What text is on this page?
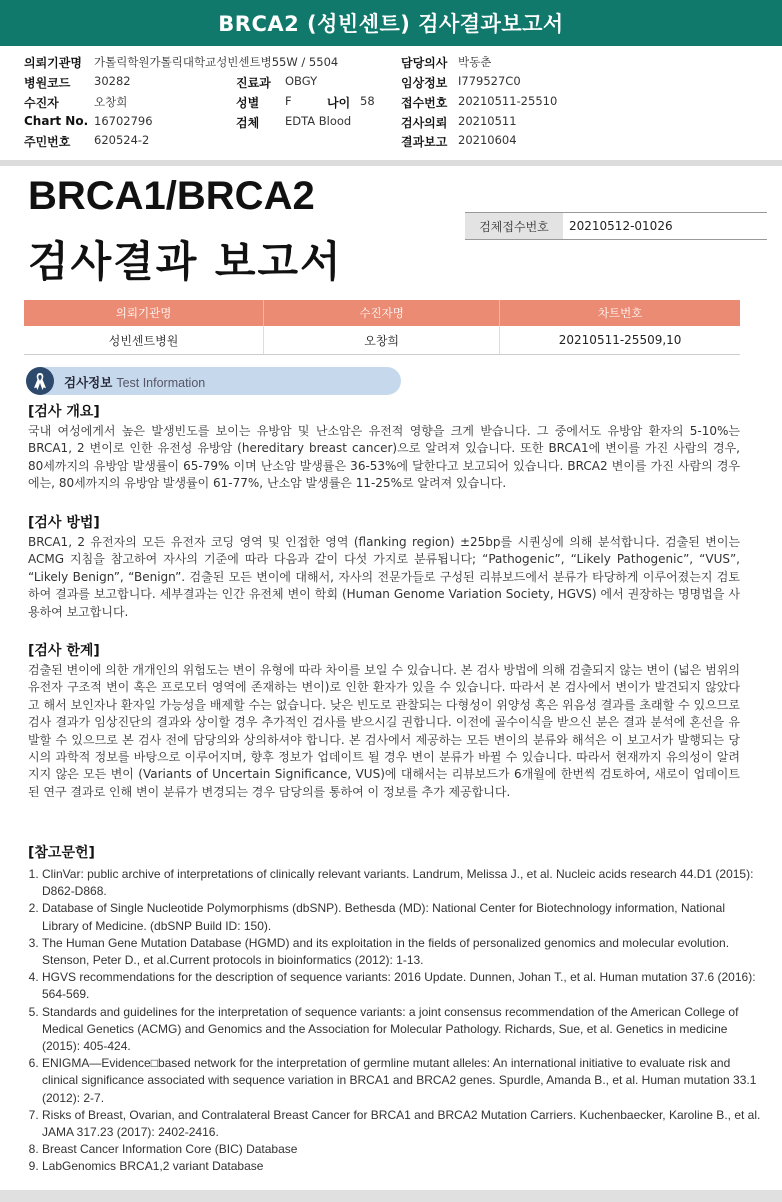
BRCA2 (성빈센트) 검사결과보고서
의뢰기관명 가톨릭학원가톨릭대학교성빈센트병55W / 5504	담당의사 박동춘
병원코드 30282	진료과 OBGY	임상정보 I779527C0
수진자	오창희	성별 F	나이 58 접수번호 20210511-25510
Chart No. 16702796	검체 EDTA Blood	검사의뢰 20210511
주민번호 620524-2	결과보고 20210604
BRCA1/BRCA2
검사결과 보고서
검체접수번호	20210512-01026
의뢰기관명	수진자명	차트번호
성빈센트병원	오창희	20210511-25509,10
검사정보 Test Information
[검사 개요]

국내 여성에게서 높은 발생빈도를 보이는 유방암 및 난소암은 유전적 영향을 크게 받습니다. 그 중에서도 유방암 환자의 5-10%는 BRCA1, 2 변이로 인한 유전성 유방암 (hereditary breast cancer)으로 알려져 있습니다. 또한 BRCA1에 변이를 가진 사람의 경우, 80세까지의 유방암 발생률이 65-79% 이며 난소암 발생률은 36-53%에 달한다고 보고되어 있습니다. BRCA2 변이를 가진 사람의 경우에는, 80세까지의 유방암 발생률이 61-77%, 난소암 발생률은 11-25%로 알려져 있습니다.

[검사 방법]

BRCA1, 2 유전자의 모든 유전자 코딩 영역 및 인접한 영역 (flanking region) ±25bp를 시퀀싱에 의해 분석합니다. 검출된 변이는 ACMG 지침을 참고하여 자사의 기준에 따라 다음과 같이 다섯 가지로 분류됩니다; “Pathogenic”, “Likely Pathogenic”, “VUS”, “Likely Benign”, “Benign”. 검출된 모든 변이에 대해서, 자사의 전문가들로 구성된 리뷰보드에서 분류가 타당하게 이루어졌는지 검토하여 결과를 보고합니다. 세부결과는 인간 유전체 변이 학회 (Human Genome Variation Society, HGVS) 에서 권장하는 명명법을 사용하여 보고합니다.

[검사 한계]

검출된 변이에 의한 개개인의 위험도는 변이 유형에 따라 차이를 보일 수 있습니다. 본 검사 방법에 의해 검출되지 않는 변이 (넓은 범위의 유전자 구조적 변이 혹은 프로모터 영역에 존재하는 변이)로 인한 환자가 있을 수 있습니다. 따라서 본 검사에서 변이가 발견되지 않았다고 해서 보인자나 환자일 가능성을 배제할 수는 없습니다. 낮은 빈도로 관찰되는 다형성이 위양성 혹은 위음성 결과를 초래할 수 있으므로 검사 결과가 임상진단의 결과와 상이할 경우 추가적인 검사를 받으시길 권합니다. 이전에 골수이식을 받으신 분은 결과 분석에 혼선을 유발할 수 있으므로 본 검사 전에 담당의와 상의하셔야 합니다. 본 검사에서 제공하는 모든 변이의 분류와 해석은 이 보고서가 발행되는 당시의 과학적 정보를 바탕으로 이루어지며, 향후 정보가 업데이트 될 경우 변이 분류가 바뀔 수 있습니다. 따라서 현재까지 유의성이 알려지지 않은 모든 변이 (Variants of Uncertain Significance, VUS)에 대해서는 리뷰보드가 6개월에 한번씩 검토하여, 새로이 업데이트된 연구 결과로 인해 변이 분류가 변경되는 경우 담당의를 통하여 이 정보를 추가 제공합니다.

[참고문헌]
1. ClinVar: public archive of interpretations of clinically relevant variants. Landrum, Melissa J., et al. Nucleic acids research 44.D1 (2015): D862-D868.
2. Database of Single Nucleotide Polymorphisms (dbSNP). Bethesda (MD): National Center for Biotechnology information, National Library of Medicine. (dbSNP Build ID: 150).
3. The Human Gene Mutation Database (HGMD) and its exploitation in the fields of personalized genomics and molecular evolution. Stenson, Peter D., et al.Current protocols in bioinformatics (2012): 1-13.
4. HGVS recommendations for the description of sequence variants: 2016 Update. Dunnen, Johan T., et al. Human mutation 37.6 (2016): 564-569.
5. Standards and guidelines for the interpretation of sequence variants: a joint consensus recommendation of the American College of Medical Genetics (ACMG) and Genomics and the Association for Molecular Pathology. Richards, Sue, et al. Genetics in medicine (2015): 405-424.
6. ENIGMA—Evidence□based network for the interpretation of germline mutant alleles: An international initiative to evaluate risk and clinical significance associated with sequence variation in BRCA1 and BRCA2 genes. Spurdle, Amanda B., et al. Human mutation 33.1 (2012): 2-7.
7. Risks of Breast, Ovarian, and Contralateral Breast Cancer for BRCA1 and BRCA2 Mutation Carriers. Kuchenbaecker, Karoline B., et al. JAMA 317.23 (2017): 2402-2416.
8. Breast Cancer Information Core (BIC) Database
9. LabGenomics BRCA1,2 variant Database
